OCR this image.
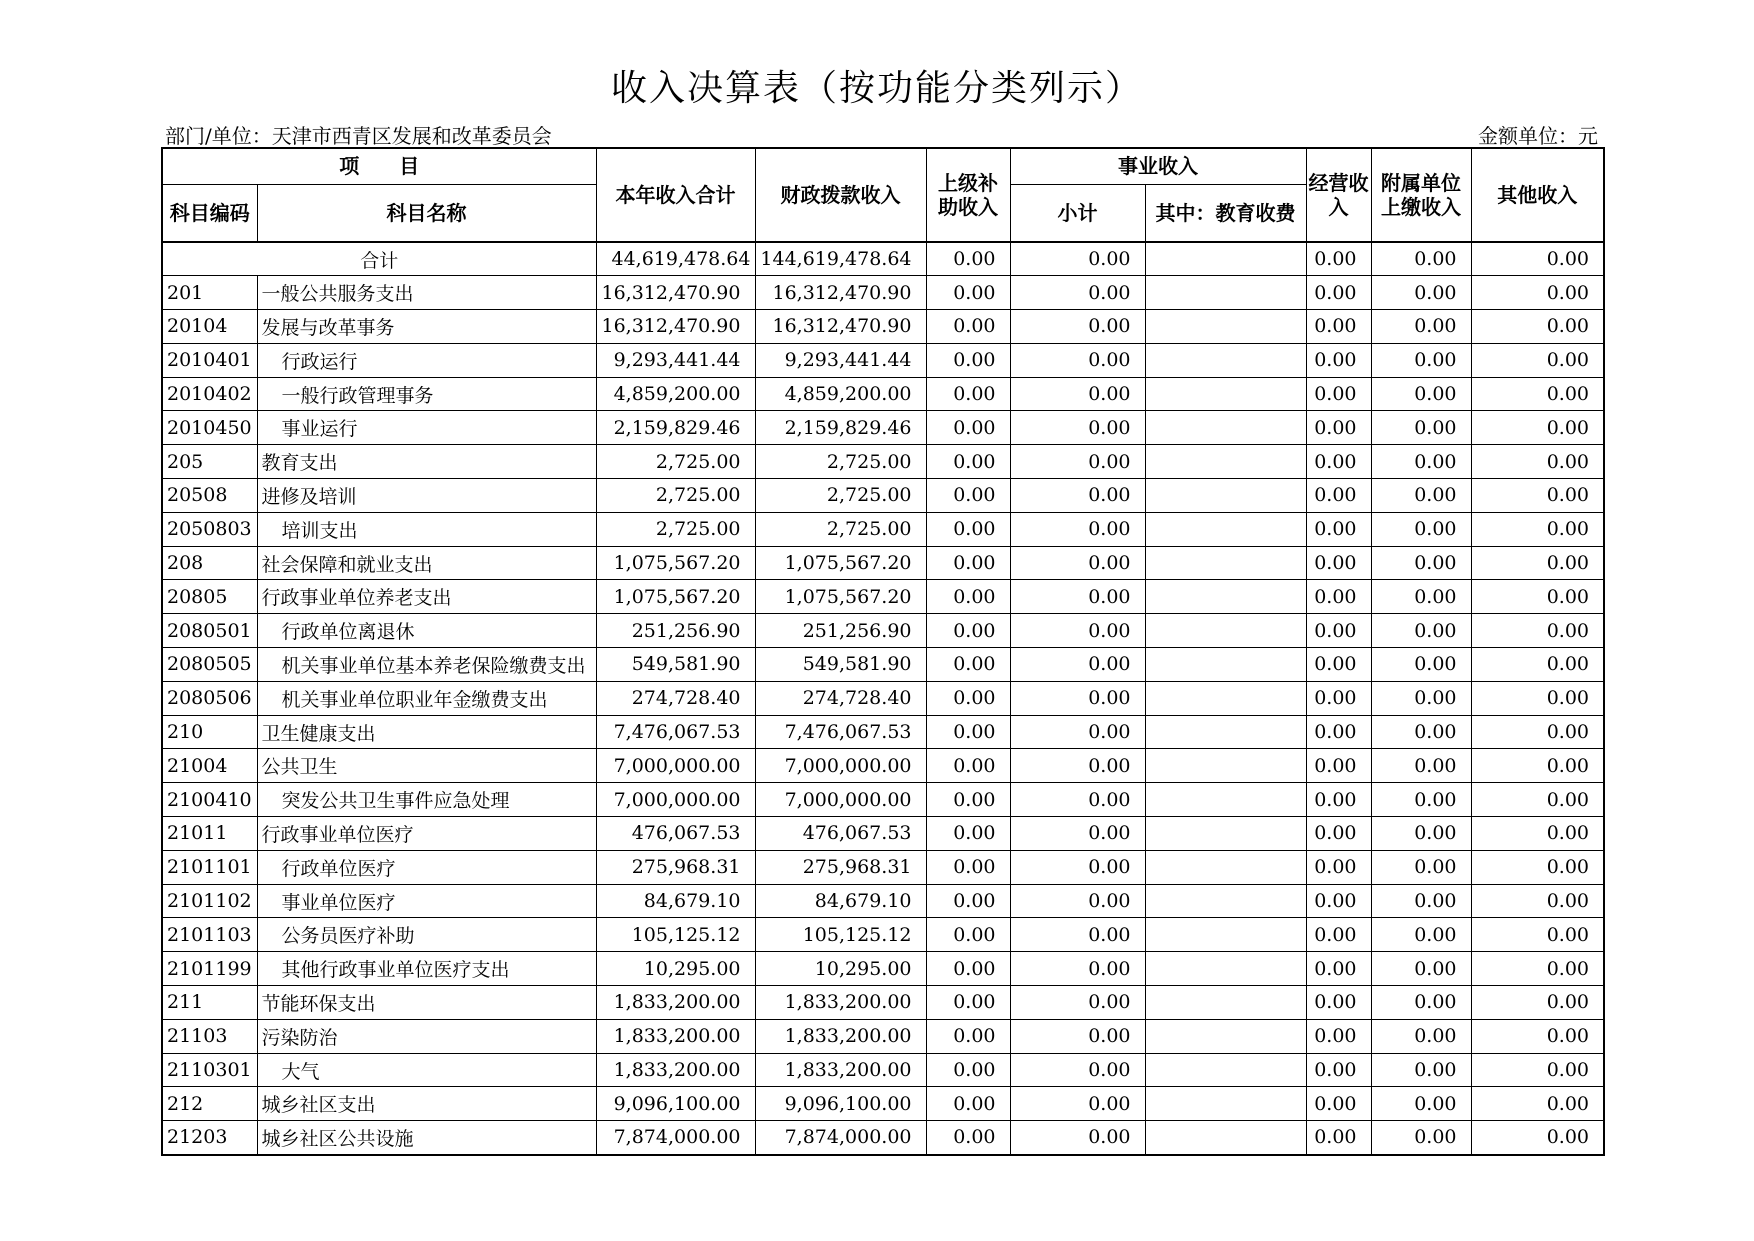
收入决算表（按功能分类列示）
部门/单位：天津市西青区发展和改革委员会	金额单位：元
项　　目		本年收入合计	财政拨款收入	上级补助收入	事业收入		经营收入	附属单位上缴收入	其他收入
科目编码	科目名称				小计	其中：教育收费			
合计		44,619,478.64	144,619,478.64	0.00	0.00		0.00	0.00	0.00
201	一般公共服务支出	16,312,470.90	16,312,470.90	0.00	0.00		0.00	0.00	0.00
20104	发展与改革事务	16,312,470.90	16,312,470.90	0.00	0.00		0.00	0.00	0.00
2010401	行政运行	9,293,441.44	9,293,441.44	0.00	0.00		0.00	0.00	0.00
2010402	一般行政管理事务	4,859,200.00	4,859,200.00	0.00	0.00		0.00	0.00	0.00
2010450	事业运行	2,159,829.46	2,159,829.46	0.00	0.00		0.00	0.00	0.00
205	教育支出	2,725.00	2,725.00	0.00	0.00		0.00	0.00	0.00
20508	进修及培训	2,725.00	2,725.00	0.00	0.00		0.00	0.00	0.00
2050803	培训支出	2,725.00	2,725.00	0.00	0.00		0.00	0.00	0.00
208	社会保障和就业支出	1,075,567.20	1,075,567.20	0.00	0.00		0.00	0.00	0.00
20805	行政事业单位养老支出	1,075,567.20	1,075,567.20	0.00	0.00		0.00	0.00	0.00
2080501	行政单位离退休	251,256.90	251,256.90	0.00	0.00		0.00	0.00	0.00
2080505	机关事业单位基本养老保险缴费支出	549,581.90	549,581.90	0.00	0.00		0.00	0.00	0.00
2080506	机关事业单位职业年金缴费支出	274,728.40	274,728.40	0.00	0.00		0.00	0.00	0.00
210	卫生健康支出	7,476,067.53	7,476,067.53	0.00	0.00		0.00	0.00	0.00
21004	公共卫生	7,000,000.00	7,000,000.00	0.00	0.00		0.00	0.00	0.00
2100410	突发公共卫生事件应急处理	7,000,000.00	7,000,000.00	0.00	0.00		0.00	0.00	0.00
21011	行政事业单位医疗	476,067.53	476,067.53	0.00	0.00		0.00	0.00	0.00
2101101	行政单位医疗	275,968.31	275,968.31	0.00	0.00		0.00	0.00	0.00
2101102	事业单位医疗	84,679.10	84,679.10	0.00	0.00		0.00	0.00	0.00
2101103	公务员医疗补助	105,125.12	105,125.12	0.00	0.00		0.00	0.00	0.00
2101199	其他行政事业单位医疗支出	10,295.00	10,295.00	0.00	0.00		0.00	0.00	0.00
211	节能环保支出	1,833,200.00	1,833,200.00	0.00	0.00		0.00	0.00	0.00
21103	污染防治	1,833,200.00	1,833,200.00	0.00	0.00		0.00	0.00	0.00
2110301	大气	1,833,200.00	1,833,200.00	0.00	0.00		0.00	0.00	0.00
212	城乡社区支出	9,096,100.00	9,096,100.00	0.00	0.00		0.00	0.00	0.00
21203	城乡社区公共设施	7,874,000.00	7,874,000.00	0.00	0.00		0.00	0.00	0.00
